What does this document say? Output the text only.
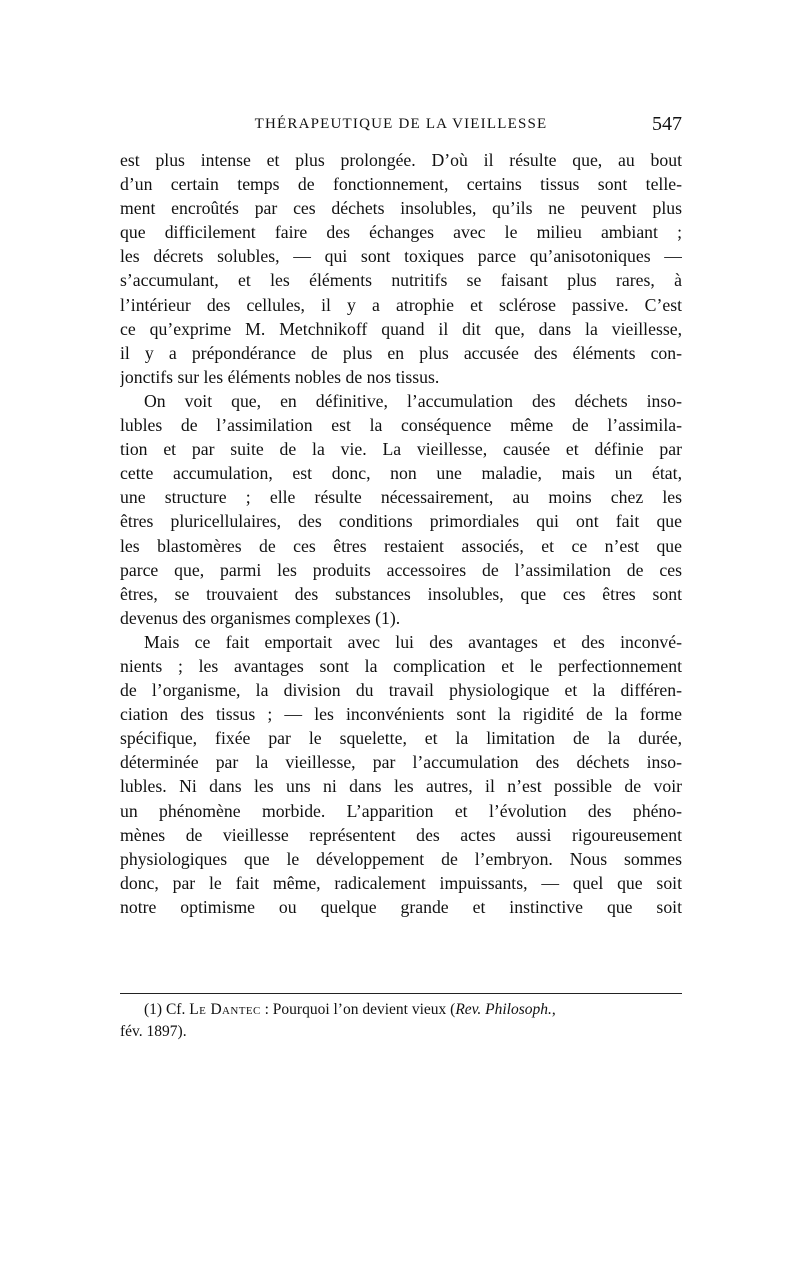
THÉRAPEUTIQUE DE LA VIEILLESSE	547

est plus intense et plus prolongée. D’où il résulte que, au bout
d’un certain temps de fonctionnement, certains tissus sont telle-
ment encroûtés par ces déchets insolubles, qu’ils ne peuvent plus
que difficilement faire des échanges avec le milieu ambiant ;
les décrets solubles, — qui sont toxiques parce qu’anisotoniques —
s’accumulant, et les éléments nutritifs se faisant plus rares, à
l’intérieur des cellules, il y a atrophie et sclérose passive. C’est
ce qu’exprime M. Metchnikoff quand il dit que, dans la vieillesse,
il y a prépondérance de plus en plus accusée des éléments con-
jonctifs sur les éléments nobles de nos tissus.

On voit que, en définitive, l’accumulation des déchets inso-
lubles de l’assimilation est la conséquence même de l’assimila-
tion et par suite de la vie. La vieillesse, causée et définie par
cette accumulation, est donc, non une maladie, mais un état,
une structure ; elle résulte nécessairement, au moins chez les
êtres pluricellulaires, des conditions primordiales qui ont fait que
les blastomères de ces êtres restaient associés, et ce n’est que
parce que, parmi les produits accessoires de l’assimilation de ces
êtres, se trouvaient des substances insolubles, que ces êtres sont
devenus des organismes complexes (1).

Mais ce fait emportait avec lui des avantages et des inconvé-
nients ; les avantages sont la complication et le perfectionnement
de l’organisme, la division du travail physiologique et la différen-
ciation des tissus ; — les inconvénients sont la rigidité de la forme
spécifique, fixée par le squelette, et la limitation de la durée,
déterminée par la vieillesse, par l’accumulation des déchets inso-
lubles. Ni dans les uns ni dans les autres, il n’est possible de voir
un phénomène morbide. L’apparition et l’évolution des phéno-
mènes de vieillesse représentent des actes aussi rigoureusement
physiologiques que le développement de l’embryon. Nous sommes
donc, par le fait même, radicalement impuissants, — quel que soit
notre optimisme ou quelque grande et instinctive que soit

(1) Cf. Le Dantec : Pourquoi l’on devient vieux (Rev. Philosoph.,
fév. 1897).
